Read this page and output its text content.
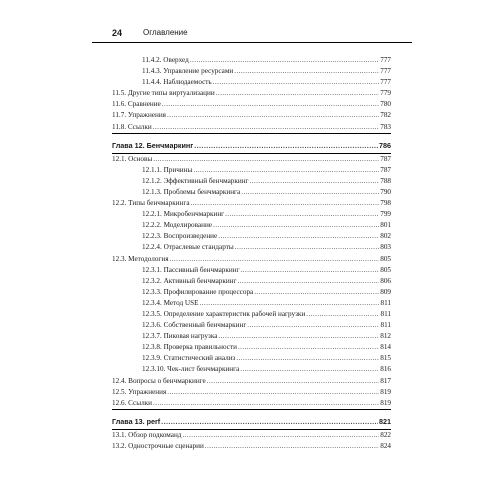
24	Оглавление
11.4.2. Оверхед .....	777
11.4.3. Управление ресурсами .....	777
11.4.4. Наблюдаемость .....	777
11.5. Другие типы виртуализации .....	779
11.6. Сравнение .....	780
11.7. Упражнения .....	782
11.8. Ссылки .....	783
Глава 12. Бенчмаркинг .....	786
12.1. Основы .....	787
12.1.1. Причины .....	787
12.1.2. Эффективный бенчмаркинг .....	788
12.1.3. Проблемы бенчмаркинга .....	790
12.2. Типы бенчмаркинга .....	798
12.2.1. Микробенчмаркинг .....	799
12.2.2. Моделирование .....	801
12.2.3. Воспроизведение .....	802
12.2.4. Отраслевые стандарты .....	803
12.3. Методология .....	805
12.3.1. Пассивный бенчмаркинг .....	805
12.3.2. Активный бенчмаркинг .....	806
12.3.3. Профилирование процессора .....	809
12.3.4. Метод USE .....	811
12.3.5. Определение характеристик рабочей нагрузки .....	811
12.3.6. Собственный бенчмаркинг .....	811
12.3.7. Пиковая нагрузка .....	812
12.3.8. Проверка правильности .....	814
12.3.9. Статистический анализ .....	815
12.3.10. Чек-лист бенчмаркинга .....	816
12.4. Вопросы о бенчмаркинге .....	817
12.5. Упражнения .....	819
12.6. Ссылки .....	819
Глава 13. perf .....	821
13.1. Обзор подкоманд .....	822
13.2. Однострочные сценарии .....	824
